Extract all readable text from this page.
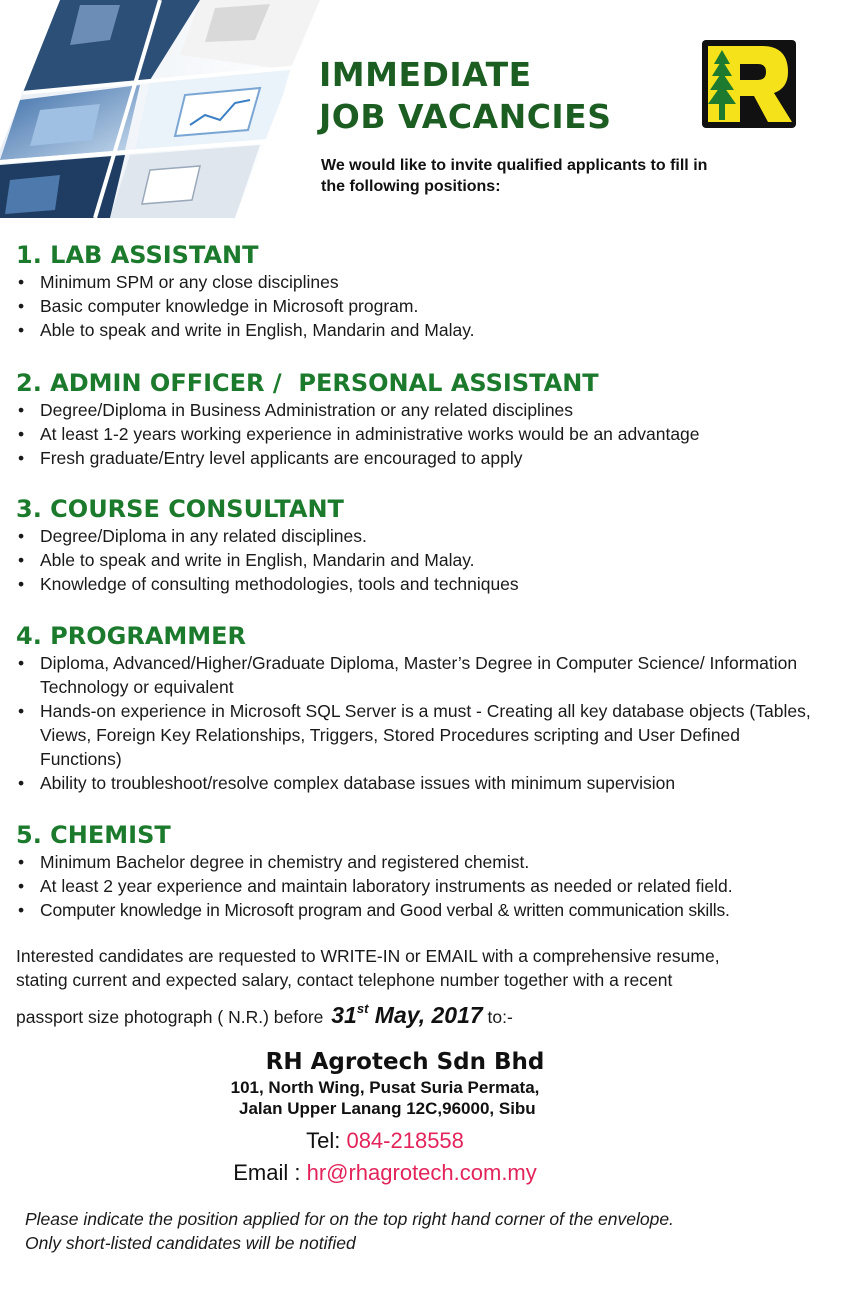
IMMEDIATE
JOB VACANCIES
We would like to invite qualified applicants to fill in
the following positions:
1. LAB ASSISTANT
• Minimum SPM or any close disciplines
• Basic computer knowledge in Microsoft program.
• Able to speak and write in English, Mandarin and Malay.
2. ADMIN OFFICER /  PERSONAL ASSISTANT
• Degree/Diploma in Business Administration or any related disciplines
• At least 1-2 years working experience in administrative works would be an advantage
• Fresh graduate/Entry level applicants are encouraged to apply
3. COURSE CONSULTANT
• Degree/Diploma in any related disciplines.
• Able to speak and write in English, Mandarin and Malay.
• Knowledge of consulting methodologies, tools and techniques
4. PROGRAMMER
• Diploma, Advanced/Higher/Graduate Diploma, Master’s Degree in Computer Science/ Information Technology or equivalent
• Hands-on experience in Microsoft SQL Server is a must - Creating all key database objects (Tables, Views, Foreign Key Relationships, Triggers, Stored Procedures scripting and User Defined Functions)
• Ability to troubleshoot/resolve complex database issues with minimum supervision
5. CHEMIST
• Minimum Bachelor degree in chemistry and registered chemist.
• At least 2 year experience and maintain laboratory instruments as needed or related field.
• Computer knowledge in Microsoft program and Good verbal & written communication skills.
Interested candidates are requested to WRITE-IN or EMAIL with a comprehensive resume,
stating current and expected salary, contact telephone number together with a recent
passport size photograph ( N.R.) before 31st May, 2017 to:-
RH Agrotech Sdn Bhd
101, North Wing, Pusat Suria Permata,
Jalan Upper Lanang 12C,96000, Sibu
Tel: 084-218558
Email : hr@rhagrotech.com.my
Please indicate the position applied for on the top right hand corner of the envelope.
Only short-listed candidates will be notified
